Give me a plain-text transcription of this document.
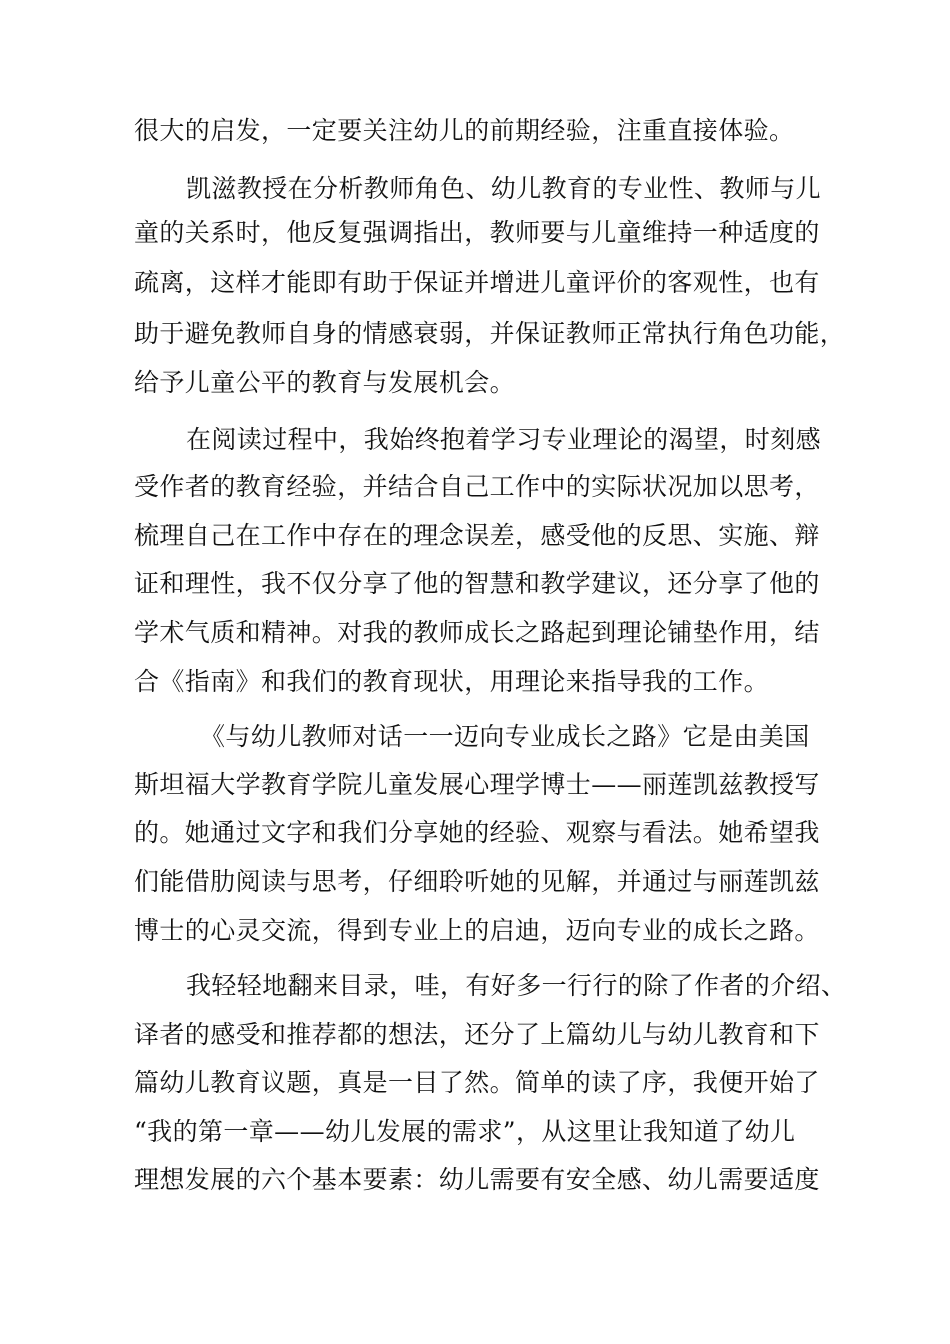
很大的启发，一定要关注幼儿的前期经验，注重直接体验。
凯滋教授在分析教师角色、幼儿教育的专业性、教师与儿
童的关系时，他反复强调指出，教师要与儿童维持一种适度的
疏离，这样才能即有助于保证并增进儿童评价的客观性，也有
助于避免教师自身的情感衰弱，并保证教师正常执行角色功能，
给予儿童公平的教育与发展机会。
在阅读过程中，我始终抱着学习专业理论的渴望，时刻感
受作者的教育经验，并结合自己工作中的实际状况加以思考，
梳理自己在工作中存在的理念误差，感受他的反思、实施、辩
证和理性，我不仅分享了他的智慧和教学建议，还分享了他的
学术气质和精神。对我的教师成长之路起到理论铺垫作用，结
合《指南》和我们的教育现状，用理论来指导我的工作。
《与幼儿教师对话一一迈向专业成长之路》它是由美国
斯坦福大学教育学院儿童发展心理学博士——丽莲凯兹教授写
的。她通过文字和我们分享她的经验、观察与看法。她希望我
们能借肋阅读与思考，仔细聆听她的见解，并通过与丽莲凯兹
博士的心灵交流，得到专业上的启迪，迈向专业的成长之路。
我轻轻地翻来目录，哇，有好多一行行的除了作者的介绍、
译者的感受和推荐都的想法，还分了上篇幼儿与幼儿教育和下
篇幼儿教育议题，真是一目了然。简单的读了序，我便开始了
“我的第一章——幼儿发展的需求”，从这里让我知道了幼儿
理想发展的六个基本要素：幼儿需要有安全感、幼儿需要适度
